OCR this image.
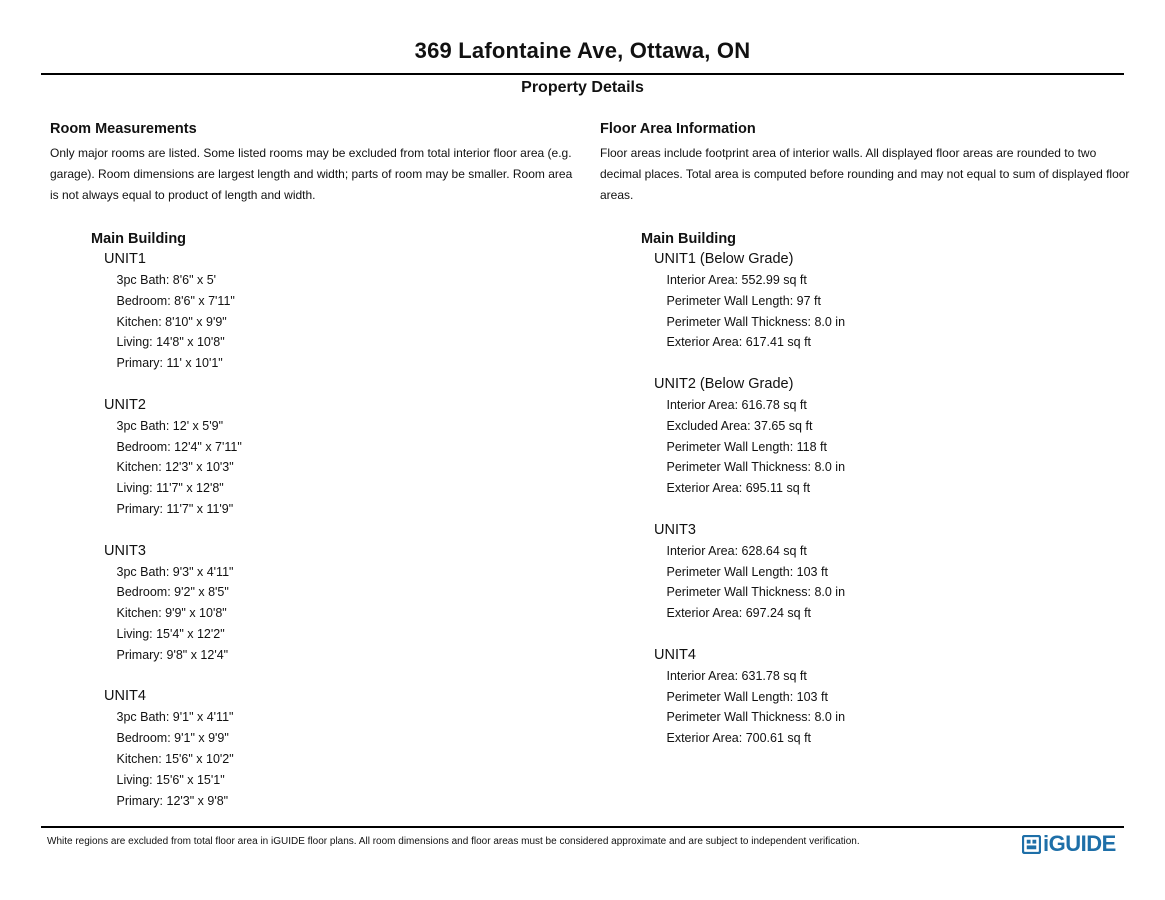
369 Lafontaine Ave, Ottawa, ON
Property Details
Room Measurements

Only major rooms are listed. Some listed rooms may be excluded from total interior floor area (e.g. garage). Room dimensions are largest length and width; parts of room may be smaller. Room area is not always equal to product of length and width.

Main Building
UNIT1
3pc Bath: 8'6" x 5'
Bedroom: 8'6" x 7'11"
Kitchen: 8'10" x 9'9"
Living: 14'8" x 10'8"
Primary: 11' x 10'1"
UNIT2
3pc Bath: 12' x 5'9"
Bedroom: 12'4" x 7'11"
Kitchen: 12'3" x 10'3"
Living: 11'7" x 12'8"
Primary: 11'7" x 11'9"
UNIT3
3pc Bath: 9'3" x 4'11"
Bedroom: 9'2" x 8'5"
Kitchen: 9'9" x 10'8"
Living: 15'4" x 12'2"
Primary: 9'8" x 12'4"
UNIT4
3pc Bath: 9'1" x 4'11"
Bedroom: 9'1" x 9'9"
Kitchen: 15'6" x 10'2"
Living: 15'6" x 15'1"
Primary: 12'3" x 9'8"
Floor Area Information

Floor areas include footprint area of interior walls. All displayed floor areas are rounded to two decimal places. Total area is computed before rounding and may not equal to sum of displayed floor areas.

Main Building
UNIT1 (Below Grade)
Interior Area: 552.99 sq ft
Perimeter Wall Length: 97 ft
Perimeter Wall Thickness: 8.0 in
Exterior Area: 617.41 sq ft
UNIT2 (Below Grade)
Interior Area: 616.78 sq ft
Excluded Area: 37.65 sq ft
Perimeter Wall Length: 118 ft
Perimeter Wall Thickness: 8.0 in
Exterior Area: 695.11 sq ft
UNIT3
Interior Area: 628.64 sq ft
Perimeter Wall Length: 103 ft
Perimeter Wall Thickness: 8.0 in
Exterior Area: 697.24 sq ft
UNIT4
Interior Area: 631.78 sq ft
Perimeter Wall Length: 103 ft
Perimeter Wall Thickness: 8.0 in
Exterior Area: 700.61 sq ft
White regions are excluded from total floor area in iGUIDE floor plans. All room dimensions and floor areas must be considered approximate and are subject to independent verification.	iGUIDE
